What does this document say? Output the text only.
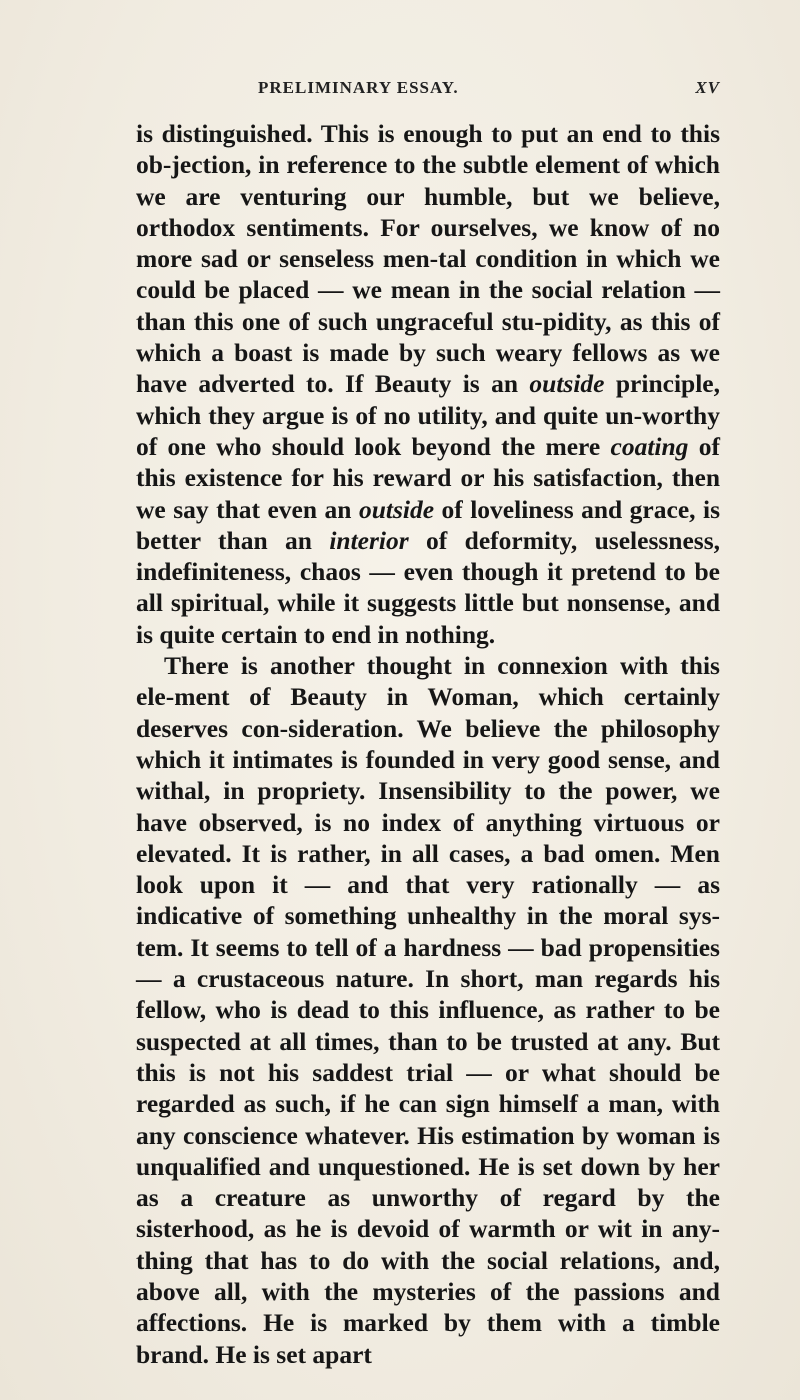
PRELIMINARY ESSAY.	XV

is distinguished. This is enough to put an end to this ob-jection, in reference to the subtle element of which we are venturing our humble, but we believe, orthodox sentiments. For ourselves, we know of no more sad or senseless men-tal condition in which we could be placed — we mean in the social relation — than this one of such ungraceful stu-pidity, as this of which a boast is made by such weary fellows as we have adverted to. If Beauty is an outside principle, which they argue is of no utility, and quite un-worthy of one who should look beyond the mere coating of this existence for his reward or his satisfaction, then we say that even an outside of loveliness and grace, is better than an interior of deformity, uselessness, indefiniteness, chaos — even though it pretend to be all spiritual, while it suggests little but nonsense, and is quite certain to end in nothing.

There is another thought in connexion with this ele-ment of Beauty in Woman, which certainly deserves con-sideration. We believe the philosophy which it intimates is founded in very good sense, and withal, in propriety. Insensibility to the power, we have observed, is no index of anything virtuous or elevated. It is rather, in all cases, a bad omen. Men look upon it — and that very rationally — as indicative of something unhealthy in the moral sys-tem. It seems to tell of a hardness — bad propensities — a crustaceous nature. In short, man regards his fellow, who is dead to this influence, as rather to be suspected at all times, than to be trusted at any. But this is not his saddest trial — or what should be regarded as such, if he can sign himself a man, with any conscience whatever. His estimation by woman is unqualified and unquestioned. He is set down by her as a creature as unworthy of regard by the sisterhood, as he is devoid of warmth or wit in any-thing that has to do with the social relations, and, above all, with the mysteries of the passions and affections. He is marked by them with a timble brand. He is set apart
